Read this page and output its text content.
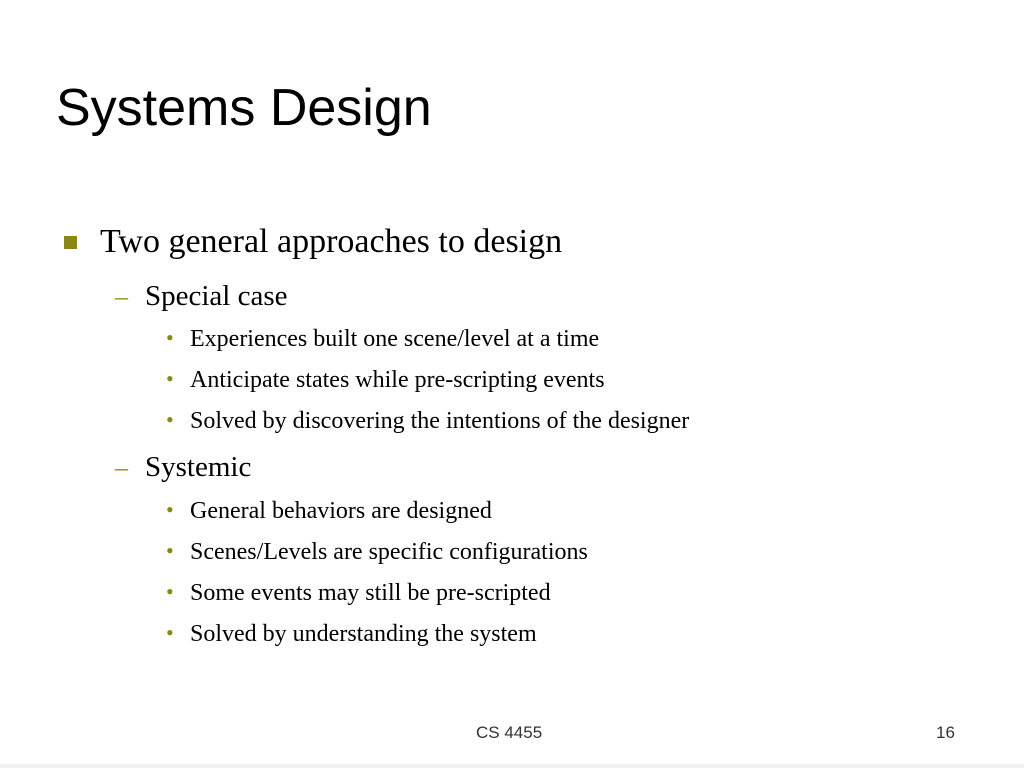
Systems Design
Two general approaches to design
– Special case
• Experiences built one scene/level at a time
• Anticipate states while pre-scripting events
• Solved by discovering the intentions of the designer
– Systemic
• General behaviors are designed
• Scenes/Levels are specific configurations
• Some events may still be pre-scripted
• Solved by understanding the system
CS 4455	16
